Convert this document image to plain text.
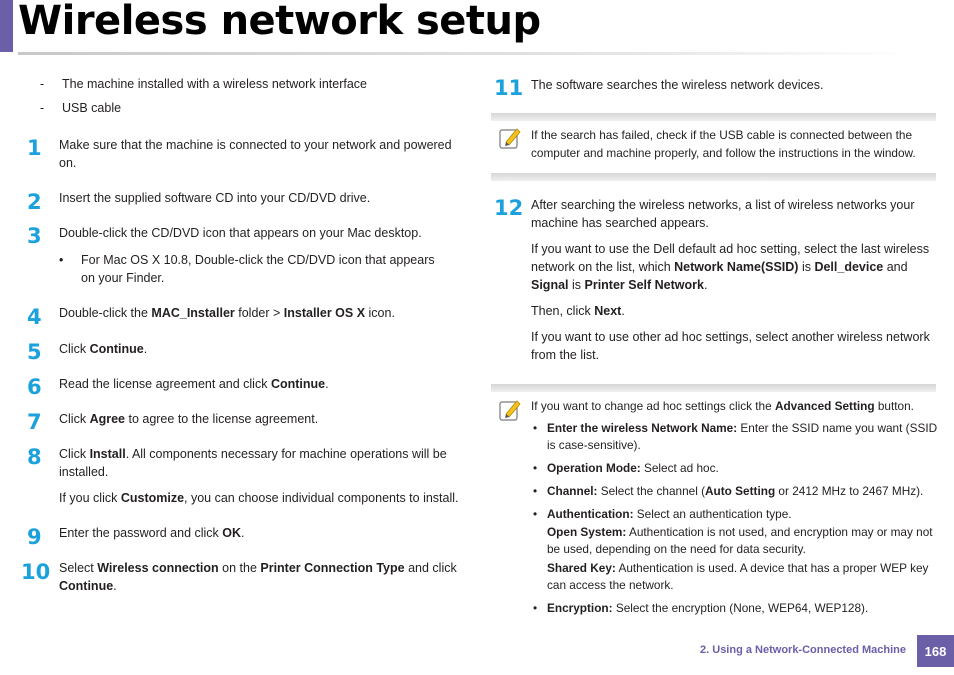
Wireless network setup
- The machine installed with a wireless network interface
- USB cable
1 Make sure that the machine is connected to your network and powered on.
2 Insert the supplied software CD into your CD/DVD drive.
3 Double-click the CD/DVD icon that appears on your Mac desktop.

• For Mac OS X 10.8, Double-click the CD/DVD icon that appears on your Finder.
4 Double-click the MAC_Installer folder > Installer OS X icon.
5 Click Continue.
6 Read the license agreement and click Continue.
7 Click Agree to agree to the license agreement.
8 Click Install. All components necessary for machine operations will be installed.

If you click Customize, you can choose individual components to install.

9 Enter the password and click OK.
10 Select Wireless connection on the Printer Connection Type and click Continue.
11 The software searches the wireless network devices.
If the search has failed, check if the USB cable is connected between the computer and machine properly, and follow the instructions in the window.
12 After searching the wireless networks, a list of wireless networks your machine has searched appears.

If you want to use the Dell default ad hoc setting, select the last wireless network on the list, which Network Name(SSID) is Dell_device and Signal is Printer Self Network.

Then, click Next.

If you want to use other ad hoc settings, select another wireless network from the list.

If you want to change ad hoc settings click the Advanced Setting button.
• Enter the wireless Network Name: Enter the SSID name you want (SSID is case-sensitive).
• Operation Mode: Select ad hoc.
• Channel: Select the channel (Auto Setting or 2412 MHz to 2467 MHz).
• Authentication: Select an authentication type.
Open System: Authentication is not used, and encryption may or may not be used, depending on the need for data security.
Shared Key: Authentication is used. A device that has a proper WEP key can access the network.
• Encryption: Select the encryption (None, WEP64, WEP128).
2. Using a Network-Connected Machine	168
